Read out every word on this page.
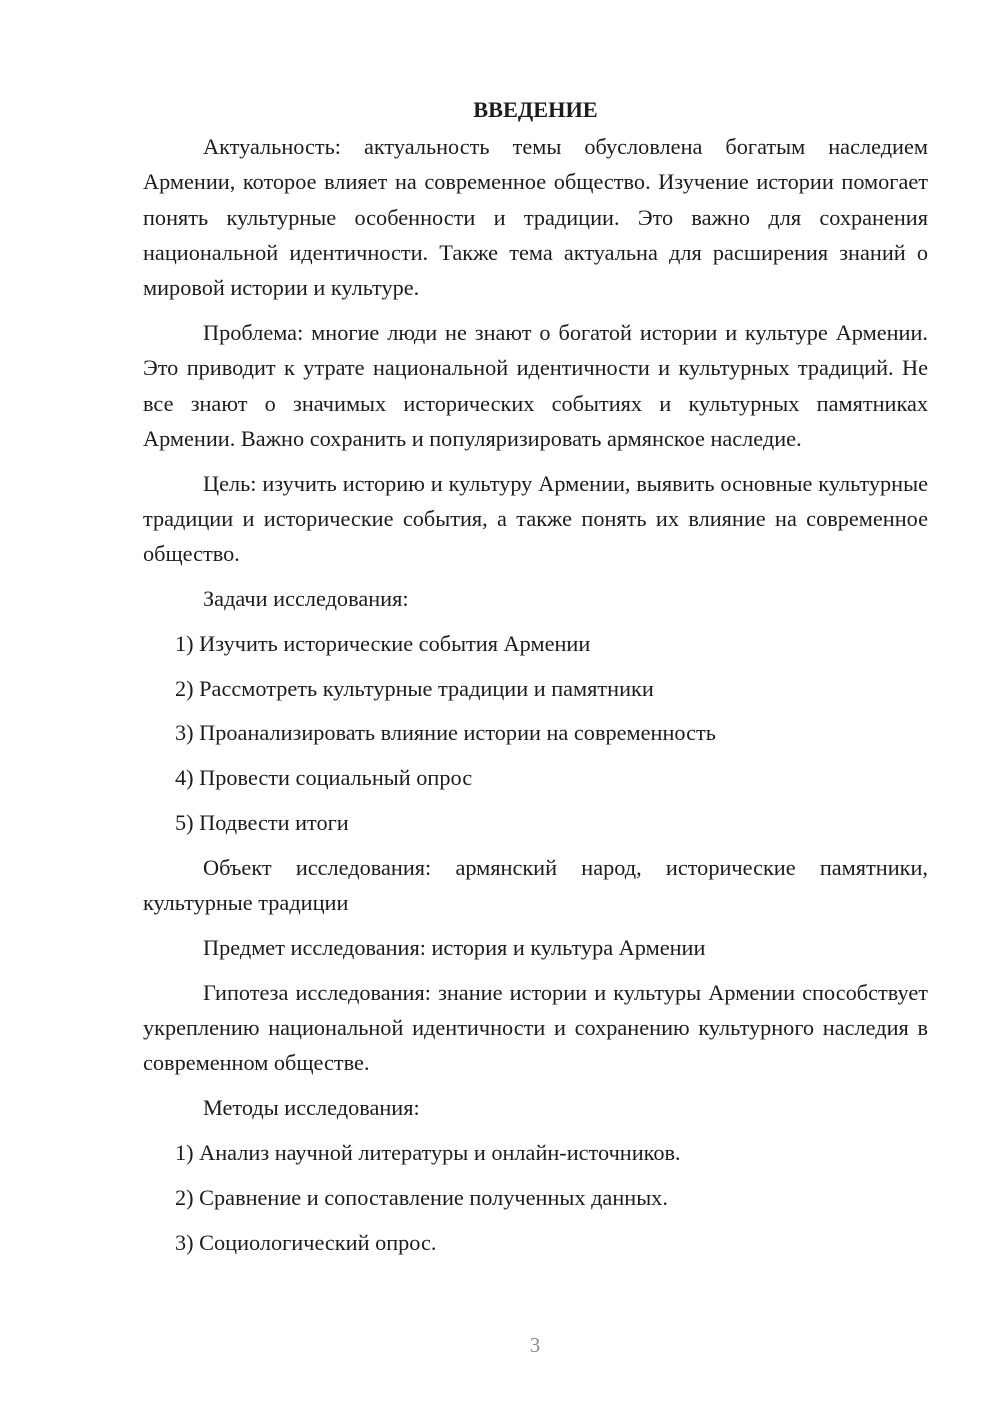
ВВЕДЕНИЕ

Актуальность: актуальность темы обусловлена богатым наследием Армении, которое влияет на современное общество. Изучение истории помогает понять культурные особенности и традиции. Это важно для сохранения национальной идентичности. Также тема актуальна для расширения знаний о мировой истории и культуре.

Проблема: многие люди не знают о богатой истории и культуре Армении. Это приводит к утрате национальной идентичности и культурных традиций. Не все знают о значимых исторических событиях и культурных памятниках Армении. Важно сохранить и популяризировать армянское наследие.

Цель: изучить историю и культуру Армении, выявить основные культурные традиции и исторические события, а также понять их влияние на современное общество.

Задачи исследования:
1) Изучить исторические события Армении
2) Рассмотреть культурные традиции и памятники
3) Проанализировать влияние истории на современность
4) Провести социальный опрос
5) Подвести итоги

Объект исследования: армянский народ, исторические памятники, культурные традиции

Предмет исследования: история и культура Армении

Гипотеза исследования: знание истории и культуры Армении способствует укреплению национальной идентичности и сохранению культурного наследия в современном обществе.

Методы исследования:
1) Анализ научной литературы и онлайн-источников.
2) Сравнение и сопоставление полученных данных.
3) Социологический опрос.
3
